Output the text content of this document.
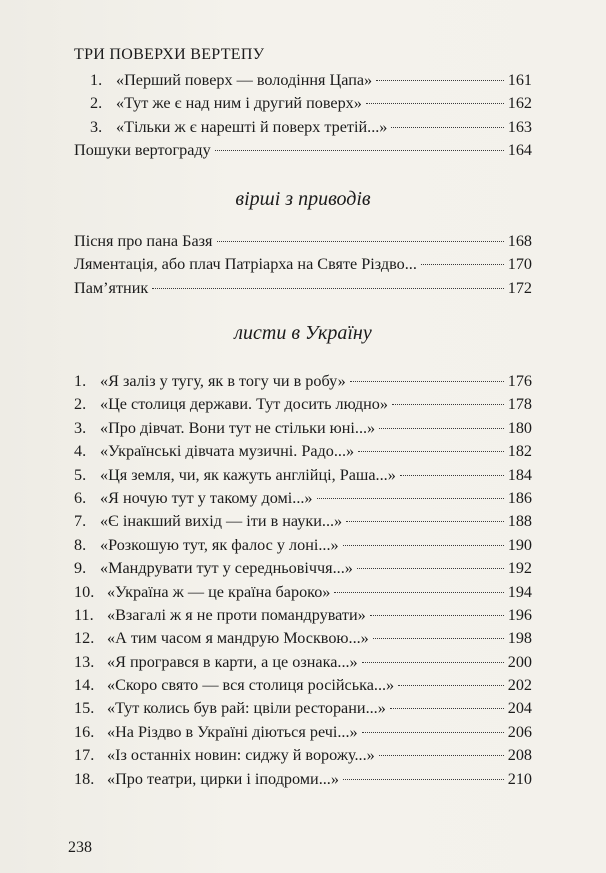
ТРИ ПОВЕРХИ ВЕРТЕПУ
1. «Перший поверх — володіння Цапа»	161
2. «Тут же є над ним і другий поверх»	162
3. «Тільки ж є нарешті й поверх третій...»	163
Пошуки вертограду	164
вірші з приводів
Пісня про пана Базя	168
Ляментація, або плач Патріарха на Святе Різдво...	170
Пам’ятник	172
листи в Україну
1. «Я заліз у тугу, як в тогу чи в робу»	176
2. «Це столиця держави. Тут досить людно»	178
3. «Про дівчат. Вони тут не стільки юні...»	180
4. «Українські дівчата музичні. Радо...»	182
5. «Ця земля, чи, як кажуть англійці, Раша...»	184
6. «Я ночую тут у такому домі...»	186
7. «Є інакший вихід — іти в науки...»	188
8. «Розкошую тут, як фалос у лоні...»	190
9. «Мандрувати тут у середньовіччя...»	192
10. «Україна ж — це країна бароко»	194
11. «Взагалі ж я не проти помандрувати»	196
12. «А тим часом я мандрую Москвою...»	198
13. «Я програвся в карти, а це ознака...»	200
14. «Скоро свято — вся столиця російська...»	202
15. «Тут колись був рай: цвіли ресторани...»	204
16. «На Різдво в Україні діються речі...»	206
17. «Із останніх новин: сиджу й ворожу...»	208
18. «Про театри, цирки і іподроми...»	210
238
